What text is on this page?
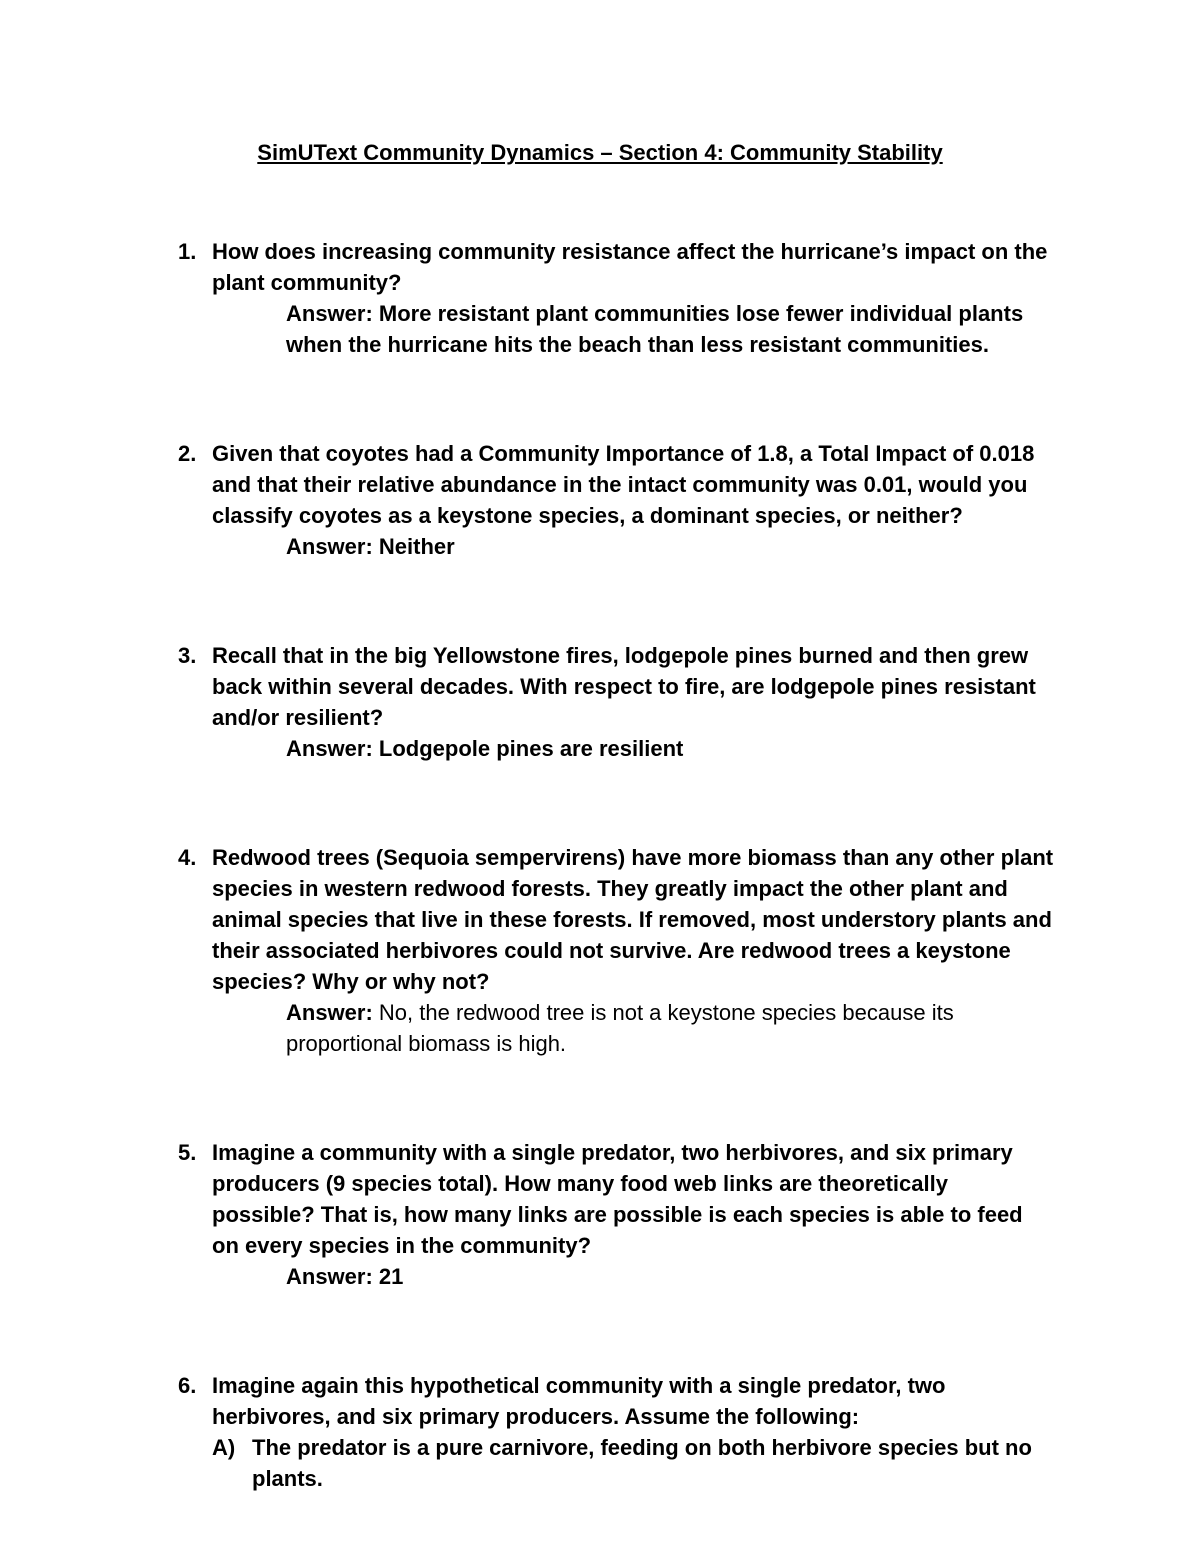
SimUText Community Dynamics – Section 4: Community Stability
1. How does increasing community resistance affect the hurricane’s impact on the plant community?

Answer: More resistant plant communities lose fewer individual plants when the hurricane hits the beach than less resistant communities.

2. Given that coyotes had a Community Importance of 1.8, a Total Impact of 0.018 and that their relative abundance in the intact community was 0.01, would you classify coyotes as a keystone species, a dominant species, or neither?

Answer: Neither

3. Recall that in the big Yellowstone fires, lodgepole pines burned and then grew back within several decades. With respect to fire, are lodgepole pines resistant and/or resilient?

Answer: Lodgepole pines are resilient

4. Redwood trees (Sequoia sempervirens) have more biomass than any other plant species in western redwood forests. They greatly impact the other plant and animal species that live in these forests. If removed, most understory plants and their associated herbivores could not survive. Are redwood trees a keystone species? Why or why not?

Answer: No, the redwood tree is not a keystone species because its proportional biomass is high.

5. Imagine a community with a single predator, two herbivores, and six primary producers (9 species total). How many food web links are theoretically possible? That is, how many links are possible is each species is able to feed on every species in the community?

Answer: 21

6. Imagine again this hypothetical community with a single predator, two herbivores, and six primary producers. Assume the following:

A) The predator is a pure carnivore, feeding on both herbivore species but no plants.
